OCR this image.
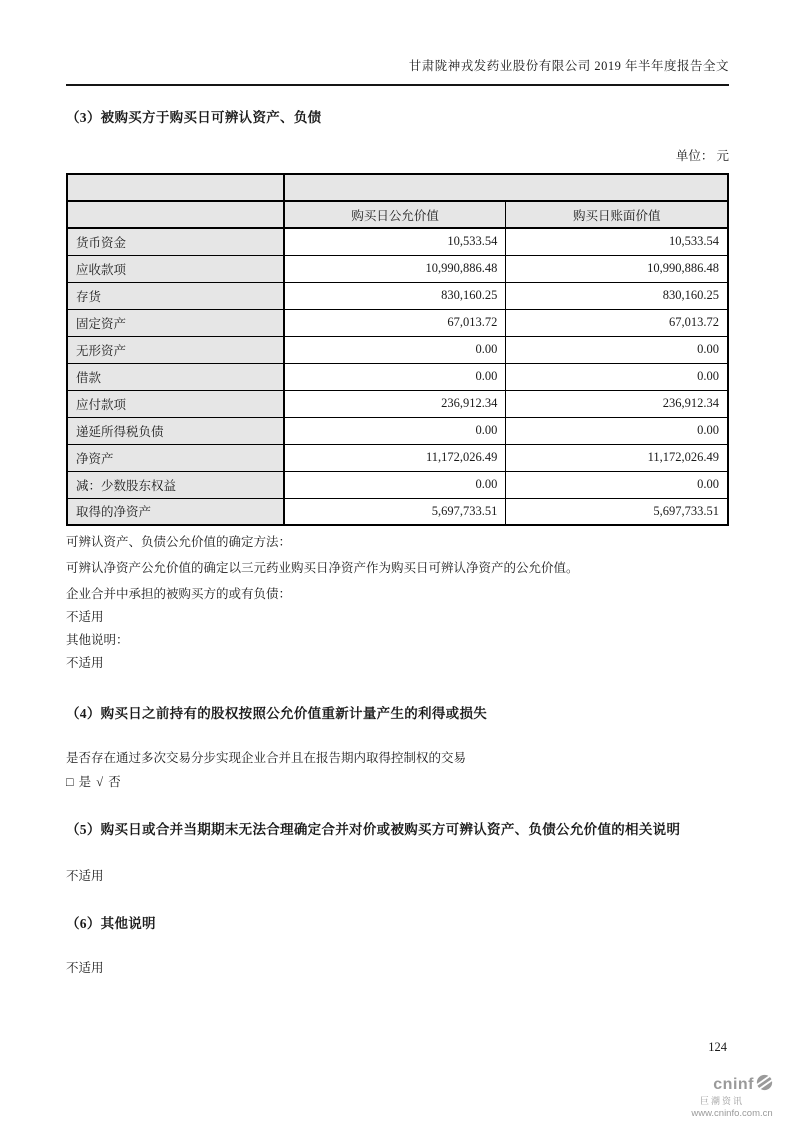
甘肃陇神戎发药业股份有限公司 2019 年半年度报告全文
（3）被购买方于购买日可辨认资产、负债
单位： 元

	购买日公允价值	购买日账面价值
货币资金	10,533.54	10,533.54
应收款项	10,990,886.48	10,990,886.48
存货	830,160.25	830,160.25
固定资产	67,013.72	67,013.72
无形资产	0.00	0.00
借款	0.00	0.00
应付款项	236,912.34	236,912.34
递延所得税负债	0.00	0.00
净资产	11,172,026.49	11,172,026.49
减：少数股东权益	0.00	0.00
取得的净资产	5,697,733.51	5,697,733.51

可辨认资产、负债公允价值的确定方法：

可辨认净资产公允价值的确定以三元药业购买日净资产作为购买日可辨认净资产的公允价值。

企业合并中承担的被购买方的或有负债：

不适用

其他说明：

不适用

（4）购买日之前持有的股权按照公允价值重新计量产生的利得或损失

是否存在通过多次交易分步实现企业合并且在报告期内取得控制权的交易

□ 是 √ 否

（5）购买日或合并当期期末无法合理确定合并对价或被购买方可辨认资产、负债公允价值的相关说明

不适用

（6）其他说明

不适用

124
cninf
巨潮资讯
www.cninfo.com.cn
